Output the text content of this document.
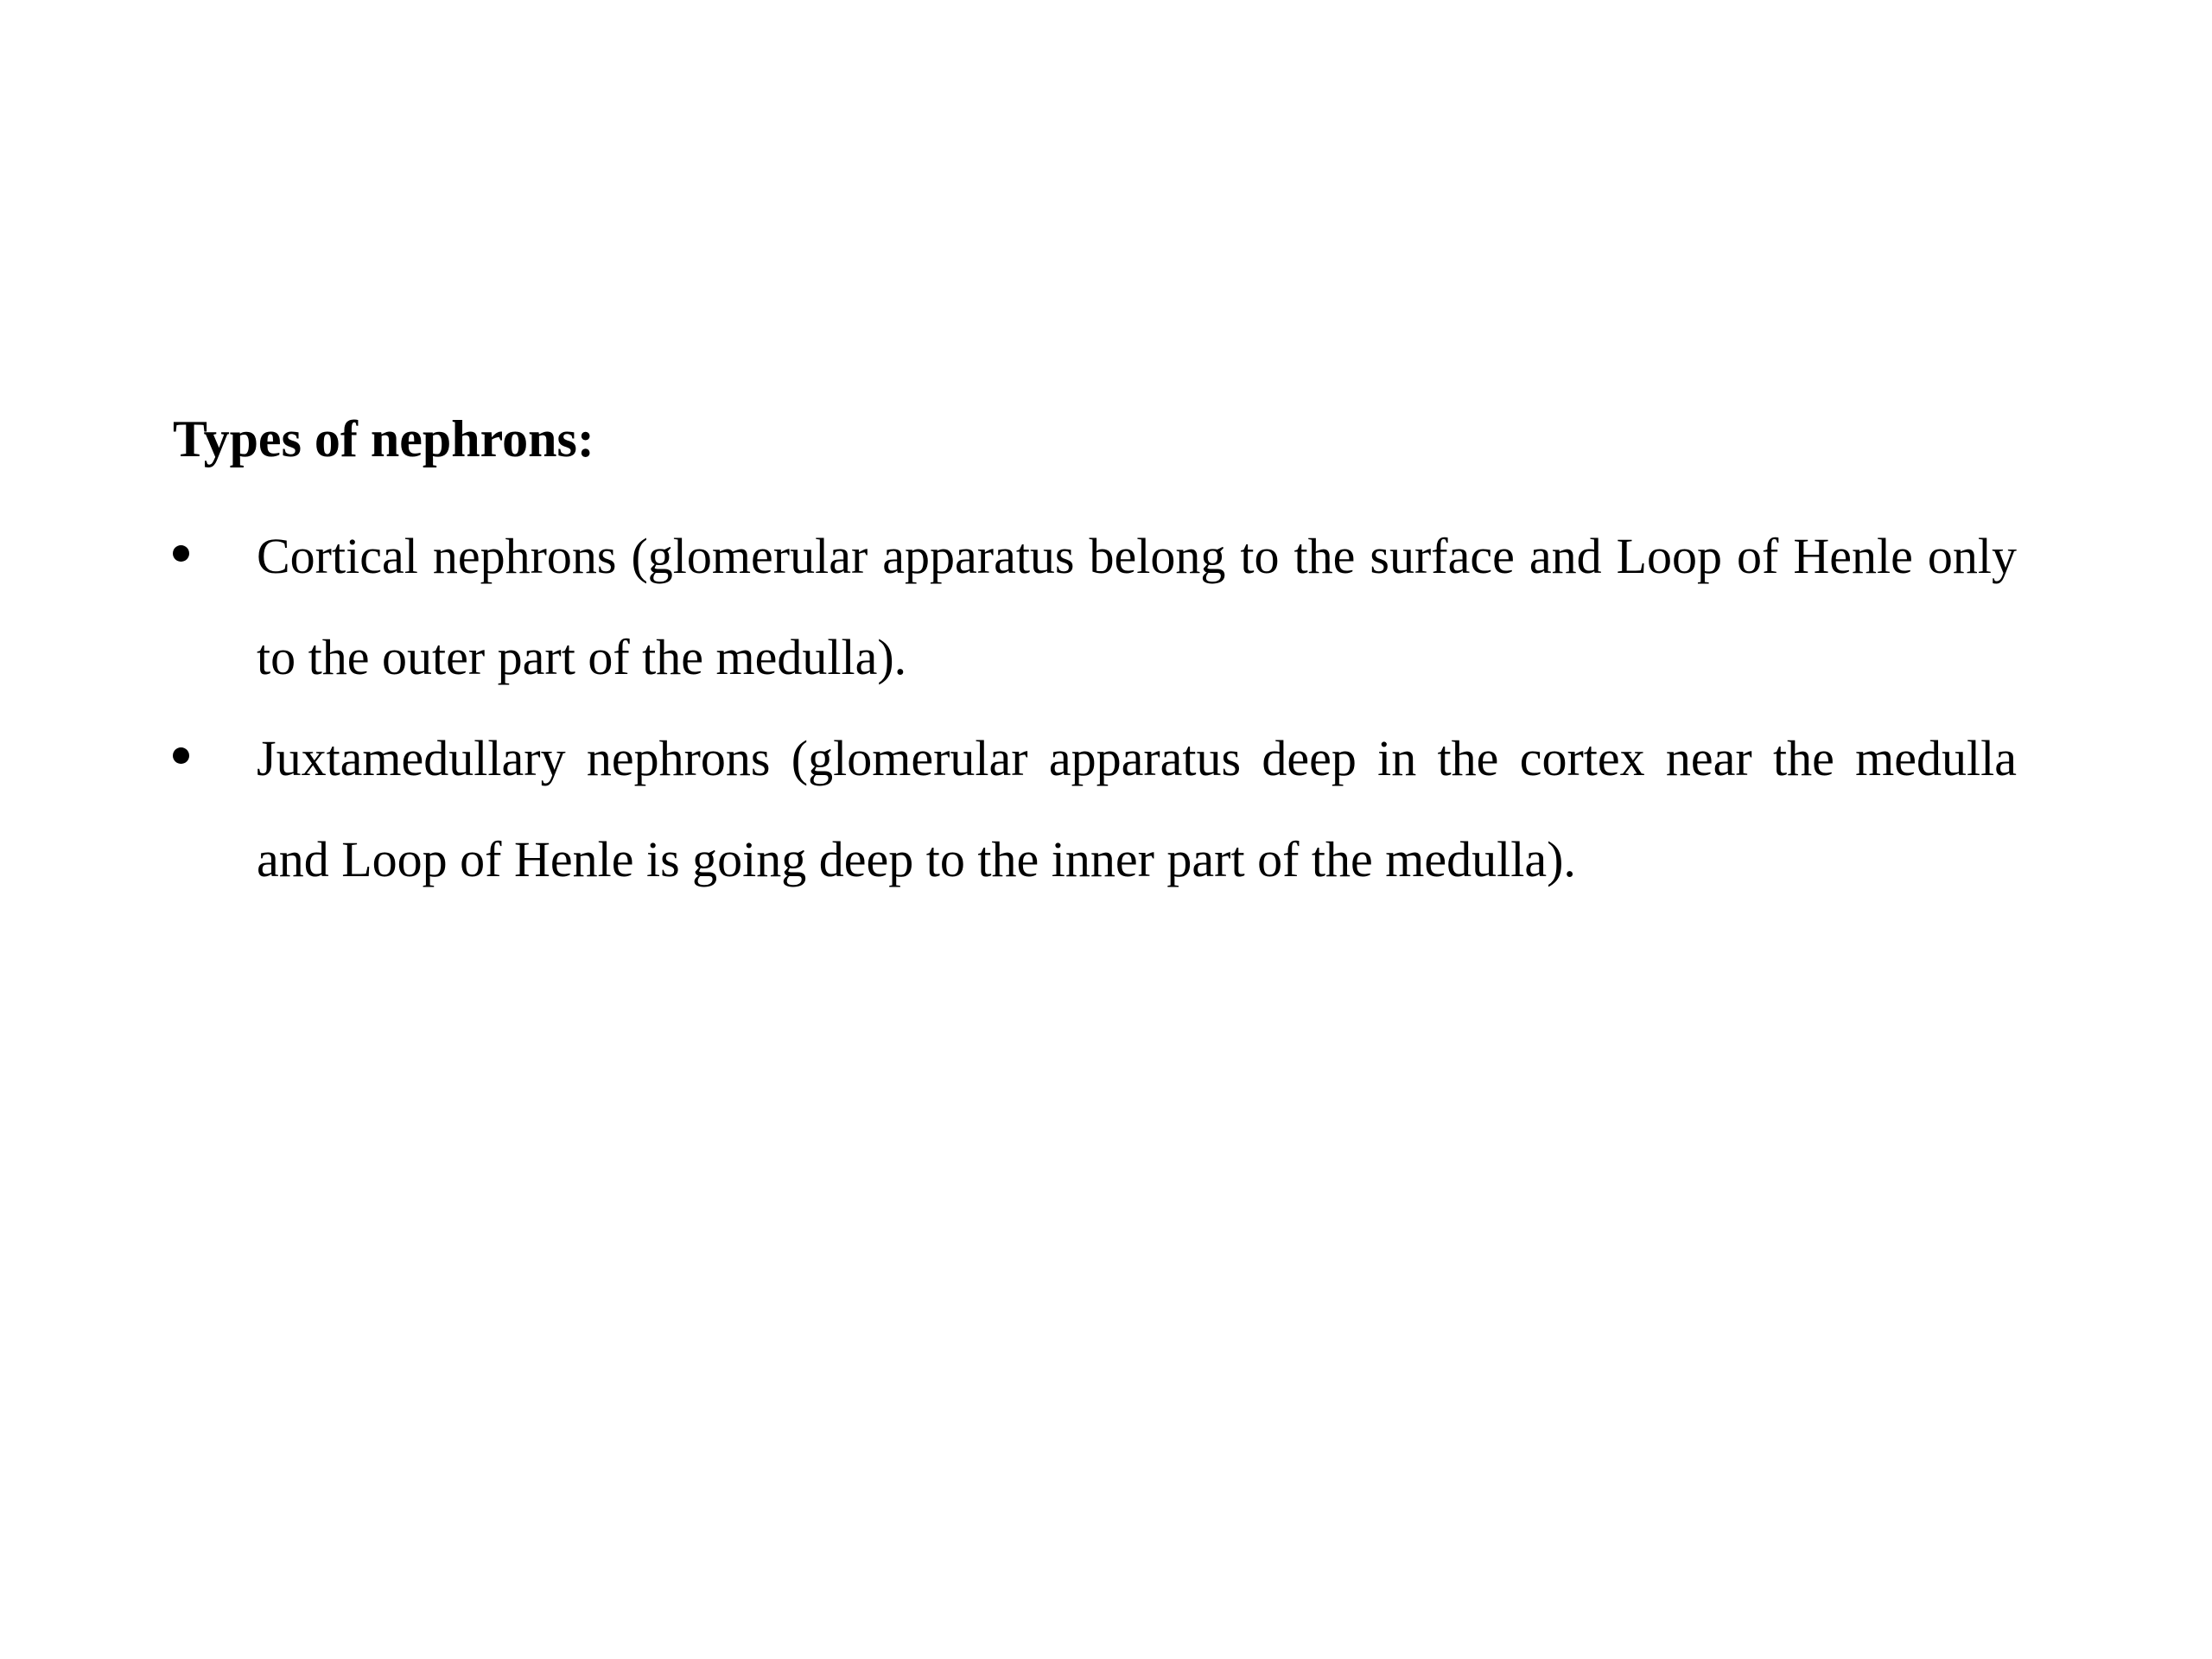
Types of nephrons:
Cortical nephrons (glomerular apparatus belong to the surface and Loop of Henle only to the outer part of the medulla).
Juxtamedullary nephrons (glomerular apparatus deep in the cortex near the medulla and Loop of Henle is going deep to the inner part of the medulla).
